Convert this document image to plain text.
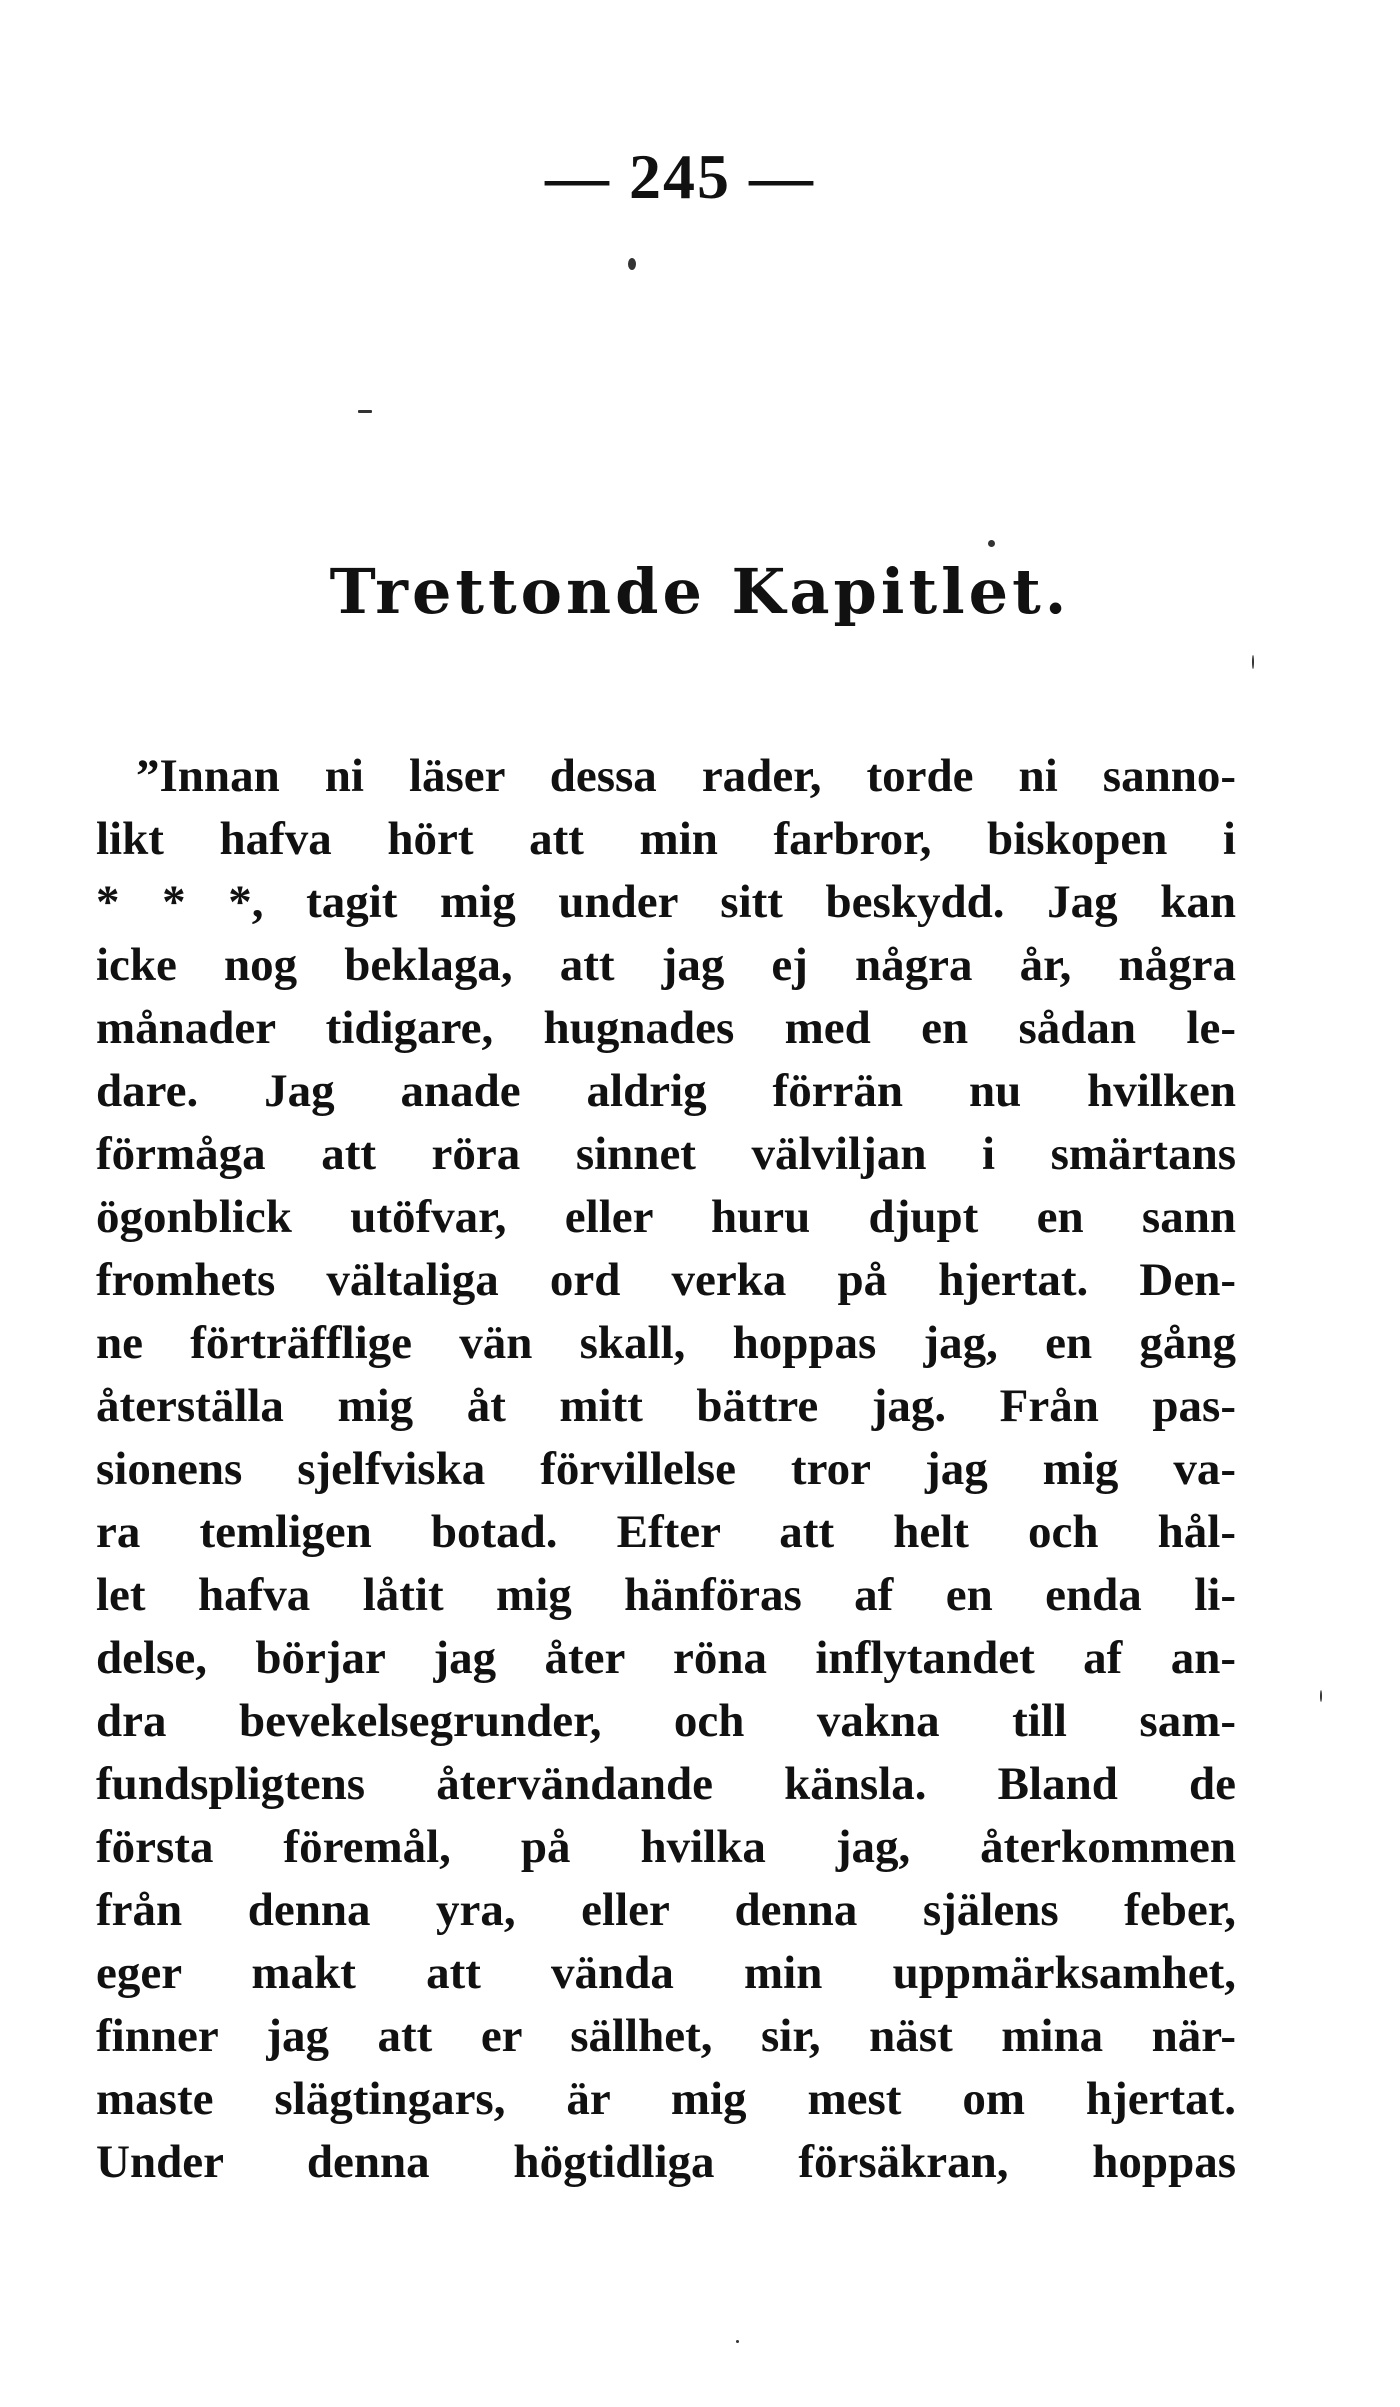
— 245 —
Trettonde Kapitlet.
”Innan ni läser dessa rader, torde ni sanno-
likt hafva hört att min farbror, biskopen i
* * *, tagit mig under sitt beskydd. Jag kan
icke nog beklaga, att jag ej några år, några
månader tidigare, hugnades med en sådan le-
dare. Jag anade aldrig förrän nu hvilken
förmåga att röra sinnet välviljan i smärtans
ögonblick utöfvar, eller huru djupt en sann
fromhets vältaliga ord verka på hjertat. Den-
ne förträfflige vän skall, hoppas jag, en gång
återställa mig åt mitt bättre jag. Från pas-
sionens sjelfviska förvillelse tror jag mig va-
ra temligen botad. Efter att helt och hål-
let hafva låtit mig hänföras af en enda li-
delse, börjar jag åter röna inflytandet af an-
dra bevekelsegrunder, och vakna till sam-
fundspligtens återvändande känsla. Bland de
första föremål, på hvilka jag, återkommen
från denna yra, eller denna själens feber,
eger makt att vända min uppmärksamhet,
finner jag att er sällhet, sir, näst mina när-
maste slägtingars, är mig mest om hjertat.
Under denna högtidliga försäkran, hoppas
